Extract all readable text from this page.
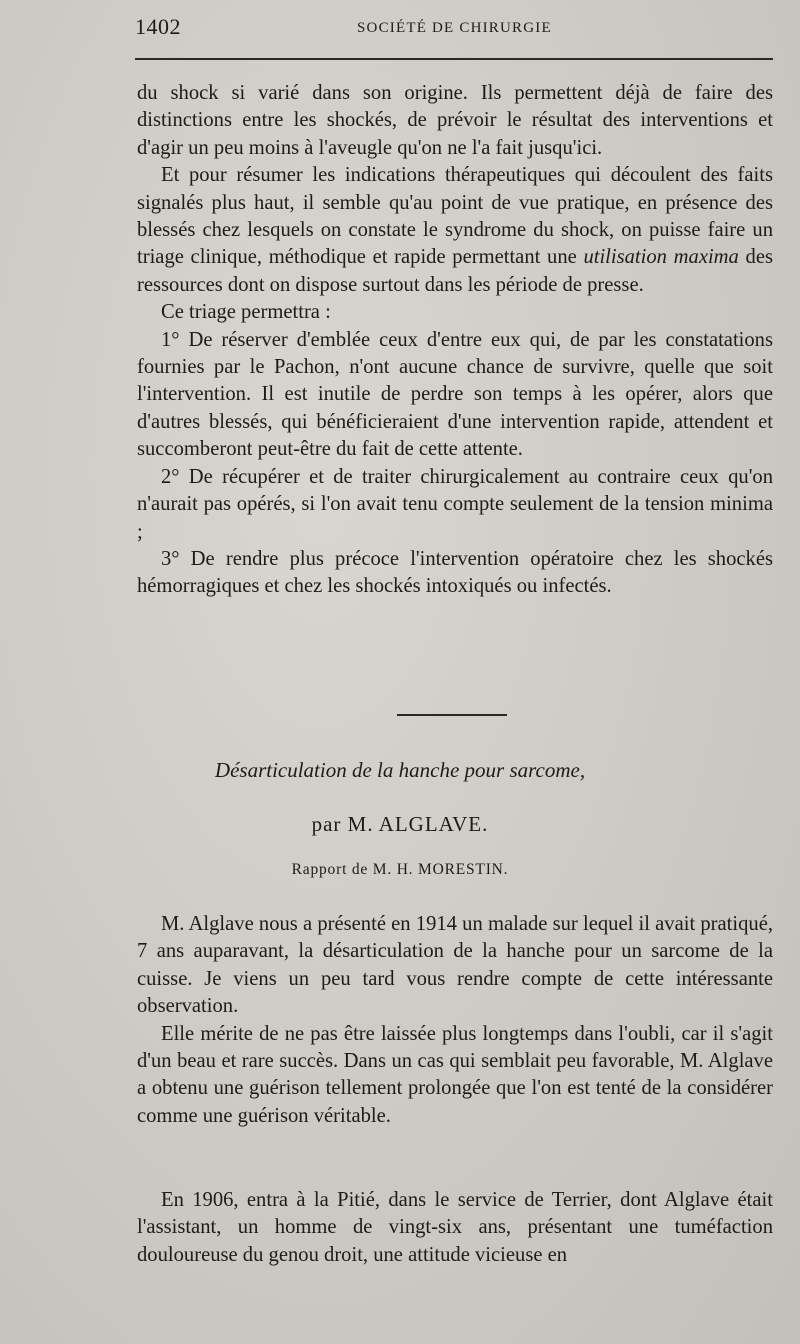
1402	SOCIÉTÉ DE CHIRURGIE

du shock si varié dans son origine. Ils permettent déjà de faire des distinctions entre les shockés, de prévoir le résultat des interventions et d'agir un peu moins à l'aveugle qu'on ne l'a fait jusqu'ici.

Et pour résumer les indications thérapeutiques qui découlent des faits signalés plus haut, il semble qu'au point de vue pratique, en présence des blessés chez lesquels on constate le syndrome du shock, on puisse faire un triage clinique, méthodique et rapide permettant une utilisation maxima des ressources dont on dispose surtout dans les période de presse.

Ce triage permettra :

1° De réserver d'emblée ceux d'entre eux qui, de par les constatations fournies par le Pachon, n'ont aucune chance de survivre, quelle que soit l'intervention. Il est inutile de perdre son temps à les opérer, alors que d'autres blessés, qui bénéficieraient d'une intervention rapide, attendent et succomberont peut-être du fait de cette attente.

2° De récupérer et de traiter chirurgicalement au contraire ceux qu'on n'aurait pas opérés, si l'on avait tenu compte seulement de la tension minima ;

3° De rendre plus précoce l'intervention opératoire chez les shockés hémorragiques et chez les shockés intoxiqués ou infectés.

Désarticulation de la hanche pour sarcome,
par M. ALGLAVE.
Rapport de M. H. MORESTIN.

M. Alglave nous a présenté en 1914 un malade sur lequel il avait pratiqué, 7 ans auparavant, la désarticulation de la hanche pour un sarcome de la cuisse. Je viens un peu tard vous rendre compte de cette intéressante observation.

Elle mérite de ne pas être laissée plus longtemps dans l'oubli, car il s'agit d'un beau et rare succès. Dans un cas qui semblait peu favorable, M. Alglave a obtenu une guérison tellement prolongée que l'on est tenté de la considérer comme une guérison véritable.

En 1906, entra à la Pitié, dans le service de Terrier, dont Alglave était l'assistant, un homme de vingt-six ans, présentant une tuméfaction douloureuse du genou droit, une attitude vicieuse en
